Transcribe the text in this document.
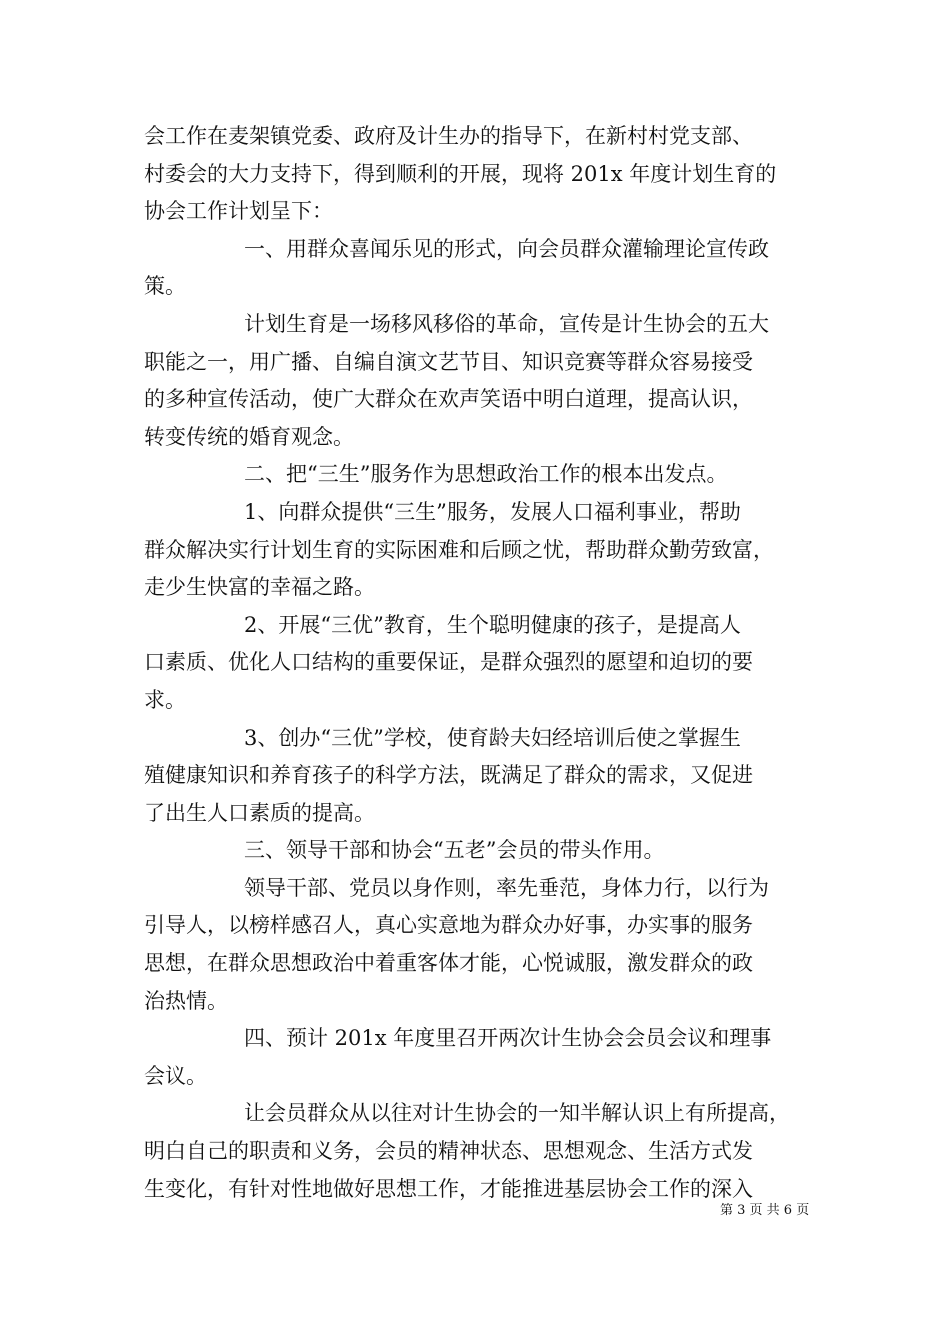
会工作在麦架镇党委、政府及计生办的指导下，在新村村党支部、
村委会的大力支持下，得到顺利的开展，现将 201x 年度计划生育的
协会工作计划呈下：
一、用群众喜闻乐见的形式，向会员群众灌输理论宣传政
策。
计划生育是一场移风移俗的革命，宣传是计生协会的五大
职能之一，用广播、自编自演文艺节目、知识竞赛等群众容易接受
的多种宣传活动，使广大群众在欢声笑语中明白道理，提高认识，
转变传统的婚育观念。
二、把“三生”服务作为思想政治工作的根本出发点。
1、向群众提供“三生”服务，发展人口福利事业，帮助
群众解决实行计划生育的实际困难和后顾之忧，帮助群众勤劳致富，
走少生快富的幸福之路。
2、开展“三优”教育，生个聪明健康的孩子，是提高人
口素质、优化人口结构的重要保证，是群众强烈的愿望和迫切的要
求。
3、创办“三优”学校，使育龄夫妇经培训后使之掌握生
殖健康知识和养育孩子的科学方法，既满足了群众的需求，又促进
了出生人口素质的提高。
三、领导干部和协会“五老”会员的带头作用。
领导干部、党员以身作则，率先垂范，身体力行，以行为
引导人，以榜样感召人，真心实意地为群众办好事，办实事的服务
思想，在群众思想政治中着重客体才能，心悦诚服，激发群众的政
治热情。
四、预计 201x 年度里召开两次计生协会会员会议和理事
会议。
让会员群众从以往对计生协会的一知半解认识上有所提高，
明白自己的职责和义务，会员的精神状态、思想观念、生活方式发
生变化，有针对性地做好思想工作，才能推进基层协会工作的深入
第 3 页 共 6 页
